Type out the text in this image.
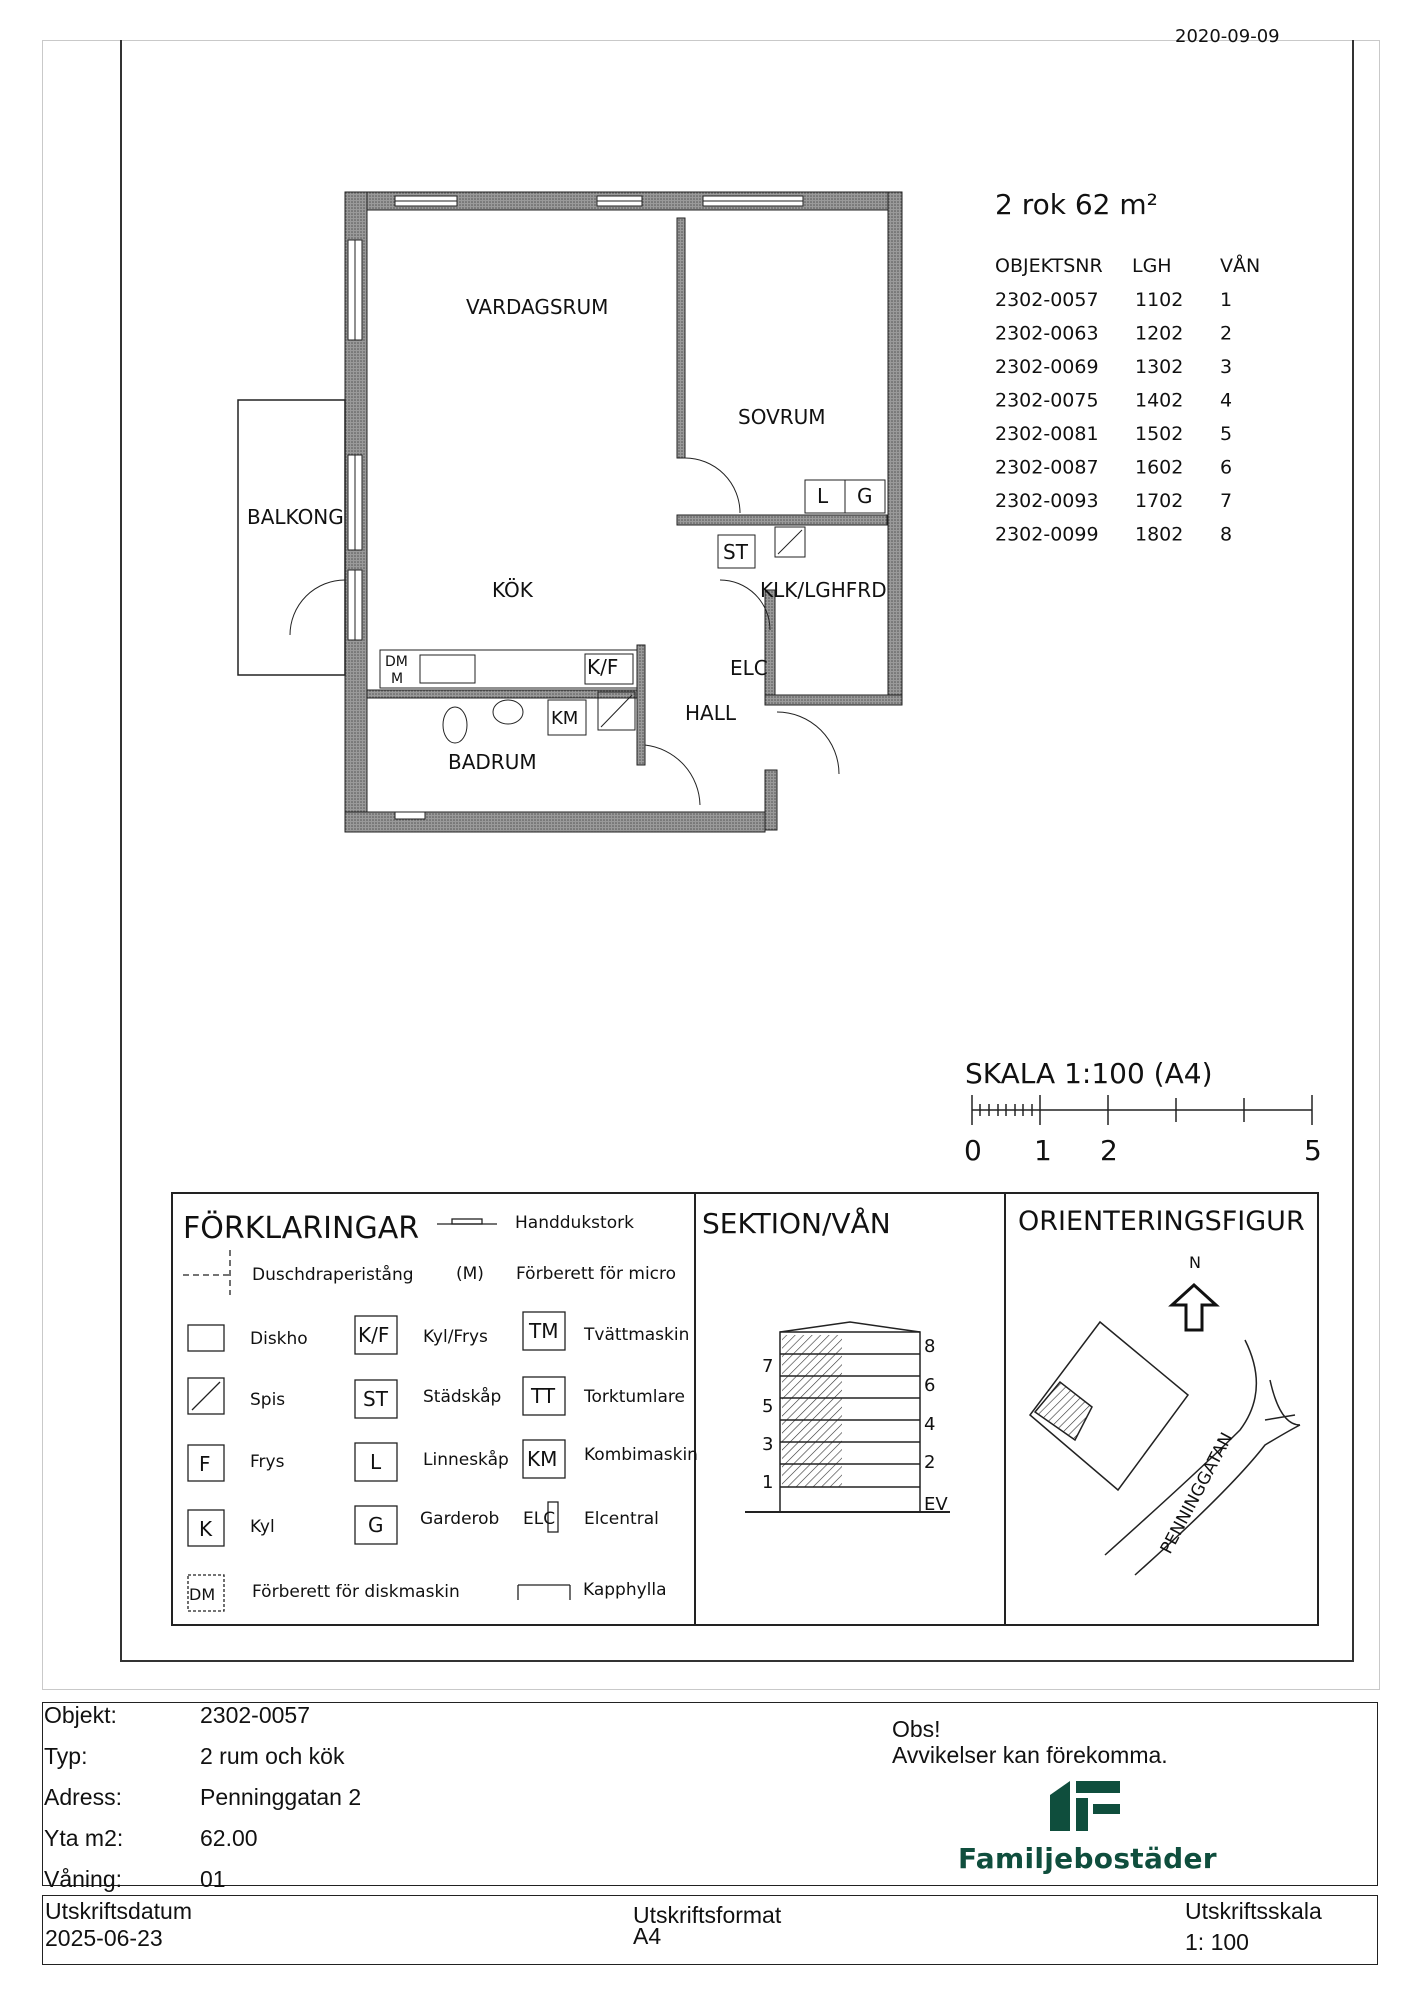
2020-09-09
VARDAGSRUM
SOVRUM
BALKONG
KÖK	KLK/LGHFRD
HALL
BADRUM
L G
ST
ELC
K/F
DM
M
KM
2 rok 62 m²
OBJEKTSNR LGH	VÅN
2302-0057 1102 1
2302-0063 1202 2
2302-0069 1302 3
2302-0075 1402 4
2302-0081 1502 5
2302-0087 1602 6
2302-0093 1702 7
2302-0099 1802 8
SKALA 1:100 (A4)
0 1 2	5
FÖRKLARINGAR	Handdukstork
Duschdraperistång (M) Förberett för micro
Diskho	K/F Kyl/Frys TM Tvättmaskin
Spis	ST Städskåp TT Torktumlare
F Frys	L Linneskåp KM Kombimaskin
K Kyl	G Garderob ELC Elcentral
DM Förberett för diskmaskin	Kapphylla
SEKTION/VÅN
7
5
3
1
8
6
4
2
EV
ORIENTERINGSFIGUR
N
PENNINGGATAN
Objekt:	2302-0057
Typ:	2 rum och kök
Adress:	Penninggatan 2
Yta m2:	62.00
Våning:	01
Obs!
Avvikelser kan förekomma.
Familjebostäder
Utskriftsdatum
2025-06-23
Utskriftsformat
A4
Utskriftsskala
1: 100
